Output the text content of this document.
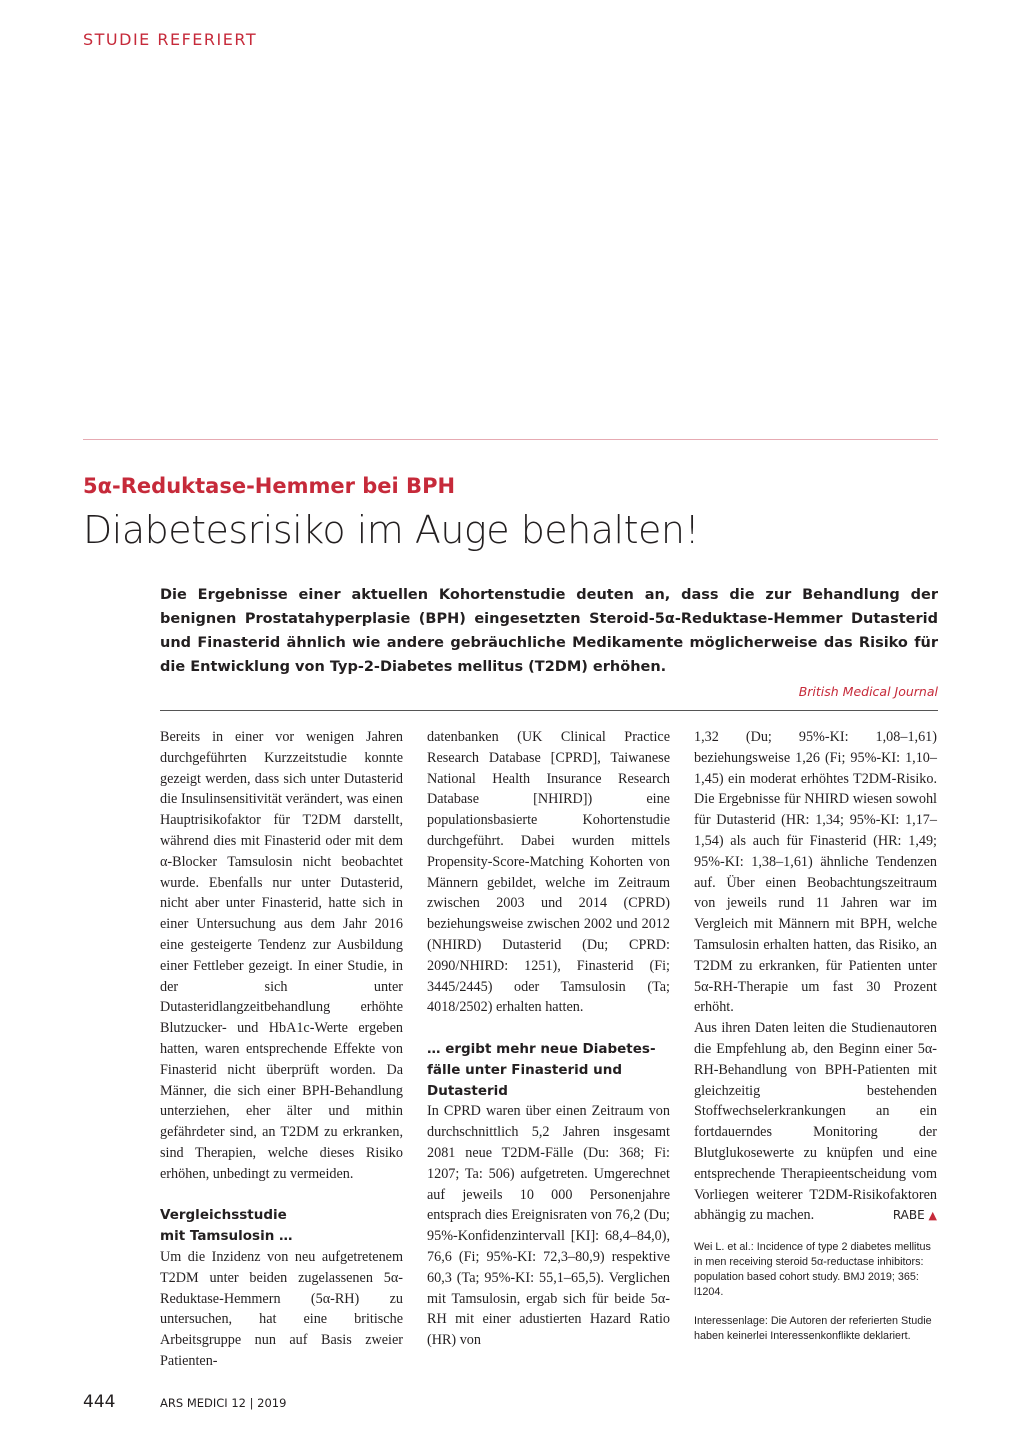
STUDIE REFERIERT
5α-Reduktase-Hemmer bei BPH
Diabetesrisiko im Auge behalten!
Die Ergebnisse einer aktuellen Kohortenstudie deuten an, dass die zur Behandlung der benignen Prostatahyperplasie (BPH) eingesetzten Steroid-5α-Reduktase-Hemmer Dutasterid und Finasterid ähnlich wie andere gebräuchliche Medikamente möglicherweise das Risiko für die Entwicklung von Typ-2-Diabetes mellitus (T2DM) erhöhen.
British Medical Journal

Bereits in einer vor wenigen Jahren durchgeführten Kurzzeitstudie konnte gezeigt werden, dass sich unter Dutasterid die Insulinsensitivität verändert, was einen Hauptrisikofaktor für T2DM darstellt, während dies mit Finasterid oder mit dem α-Blocker Tamsulosin nicht beobachtet wurde. Ebenfalls nur unter Dutasterid, nicht aber unter Finasterid, hatte sich in einer Untersuchung aus dem Jahr 2016 eine gesteigerte Tendenz zur Ausbildung einer Fettleber gezeigt. In einer Studie, in der sich unter Dutasteridlangzeitbehandlung erhöhte Blutzucker- und HbA1c-Werte ergeben hatten, waren entsprechende Effekte von Finasterid nicht überprüft worden. Da Männer, die sich einer BPH-Behandlung unterziehen, eher älter und mithin gefährdeter sind, an T2DM zu erkranken, sind Therapien, welche dieses Risiko erhöhen, unbedingt zu vermeiden.

Vergleichsstudie
mit Tamsulosin …

Um die Inzidenz von neu aufgetretenem T2DM unter beiden zugelassenen 5α-Reduktase-Hemmern (5α-RH) zu untersuchen, hat eine britische Arbeitsgruppe nun auf Basis zweier Patienten-

datenbanken (UK Clinical Practice Research Database [CPRD], Taiwanese National Health Insurance Research Database [NHIRD]) eine populationsbasierte Kohortenstudie durchgeführt. Dabei wurden mittels Propensity-Score-Matching Kohorten von Männern gebildet, welche im Zeitraum zwischen 2003 und 2014 (CPRD) beziehungsweise zwischen 2002 und 2012 (NHIRD) Dutasterid (Du; CPRD: 2090/NHIRD: 1251), Finasterid (Fi; 3445/2445) oder Tamsulosin (Ta; 4018/2502) erhalten hatten.

… ergibt mehr neue Diabetes-
fälle unter Finasterid und
Dutasterid

In CPRD waren über einen Zeitraum von durchschnittlich 5,2 Jahren insgesamt 2081 neue T2DM-Fälle (Du: 368; Fi: 1207; Ta: 506) aufgetreten. Umgerechnet auf jeweils 10 000 Personenjahre entsprach dies Ereignisraten von 76,2 (Du; 95%-Konfidenzintervall [KI]: 68,4–84,0), 76,6 (Fi; 95%-KI: 72,3–80,9) respektive 60,3 (Ta; 95%-KI: 55,1–65,5). Verglichen mit Tamsulosin, ergab sich für beide 5α-RH mit einer adustierten Hazard Ratio (HR) von

1,32 (Du; 95%-KI: 1,08–1,61) beziehungsweise 1,26 (Fi; 95%-KI: 1,10–1,45) ein moderat erhöhtes T2DM-Risiko. Die Ergebnisse für NHIRD wiesen sowohl für Dutasterid (HR: 1,34; 95%-KI: 1,17–1,54) als auch für Finasterid (HR: 1,49; 95%-KI: 1,38–1,61) ähnliche Tendenzen auf. Über einen Beobachtungszeitraum von jeweils rund 11 Jahren war im Vergleich mit Männern mit BPH, welche Tamsulosin erhalten hatten, das Risiko, an T2DM zu erkranken, für Patienten unter 5α-RH-Therapie um fast 30 Prozent erhöht.

Aus ihren Daten leiten die Studienautoren die Empfehlung ab, den Beginn einer 5α-RH-Behandlung von BPH-Patienten mit gleichzeitig bestehenden Stoffwechselerkrankungen an ein fortdauerndes Monitoring der Blutglukosewerte zu knüpfen und eine entsprechende Therapieentscheidung vom Vorliegen weiterer T2DM-Risikofaktoren abhängig zu machen.	RABE ▲

Wei L. et al.: Incidence of type 2 diabetes mellitus in men receiving steroid 5α-reductase inhibitors: population based cohort study. BMJ 2019; 365: l1204.

Interessenlage: Die Autoren der referierten Studie haben keinerlei Interessenkonflikte deklariert.

444	ARS MEDICI 12 | 2019
